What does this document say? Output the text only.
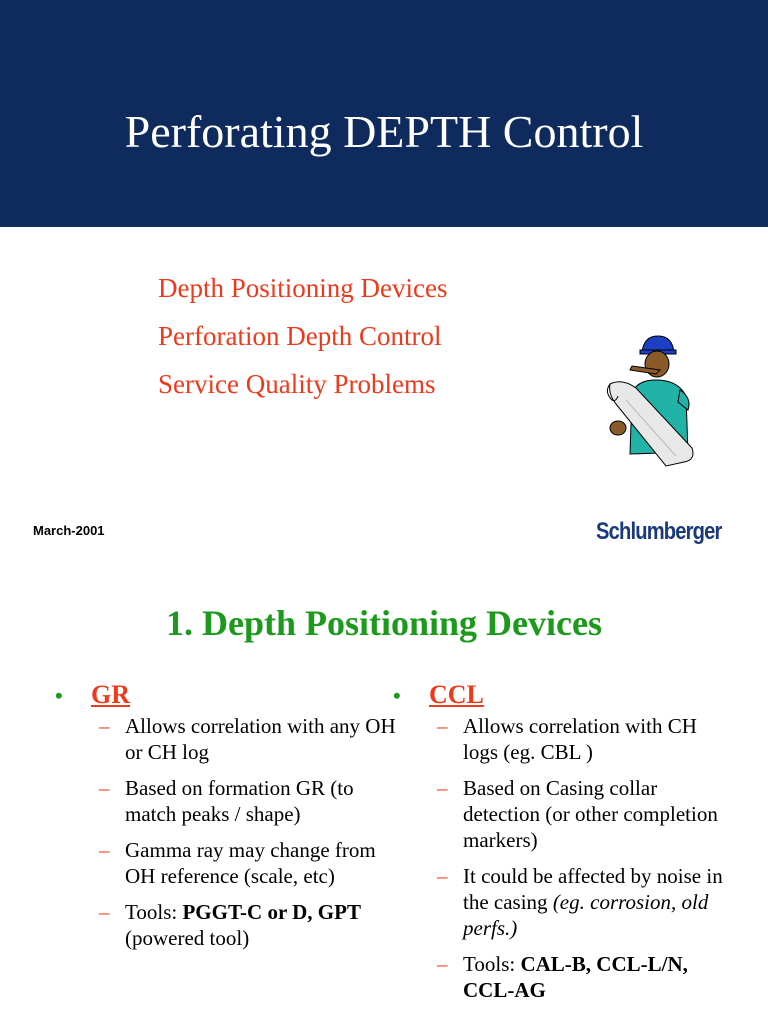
Perforating DEPTH Control
Depth Positioning Devices
Perforation Depth Control
Service Quality Problems
March-2001	Schlumberger
1. Depth Positioning Devices
•	GR
– Allows correlation with any OH or CH log
– Based on formation GR (to match peaks / shape)
– Gamma ray may change from OH reference (scale, etc)
– Tools: PGGT-C or D, GPT (powered tool)
•	CCL
– Allows correlation with CH logs (eg. CBL )
– Based on Casing collar detection (or other completion markers)
– It could be affected by noise in the casing (eg. corrosion, old perfs.)
– Tools: CAL-B, CCL-L/N, CCL-AG
